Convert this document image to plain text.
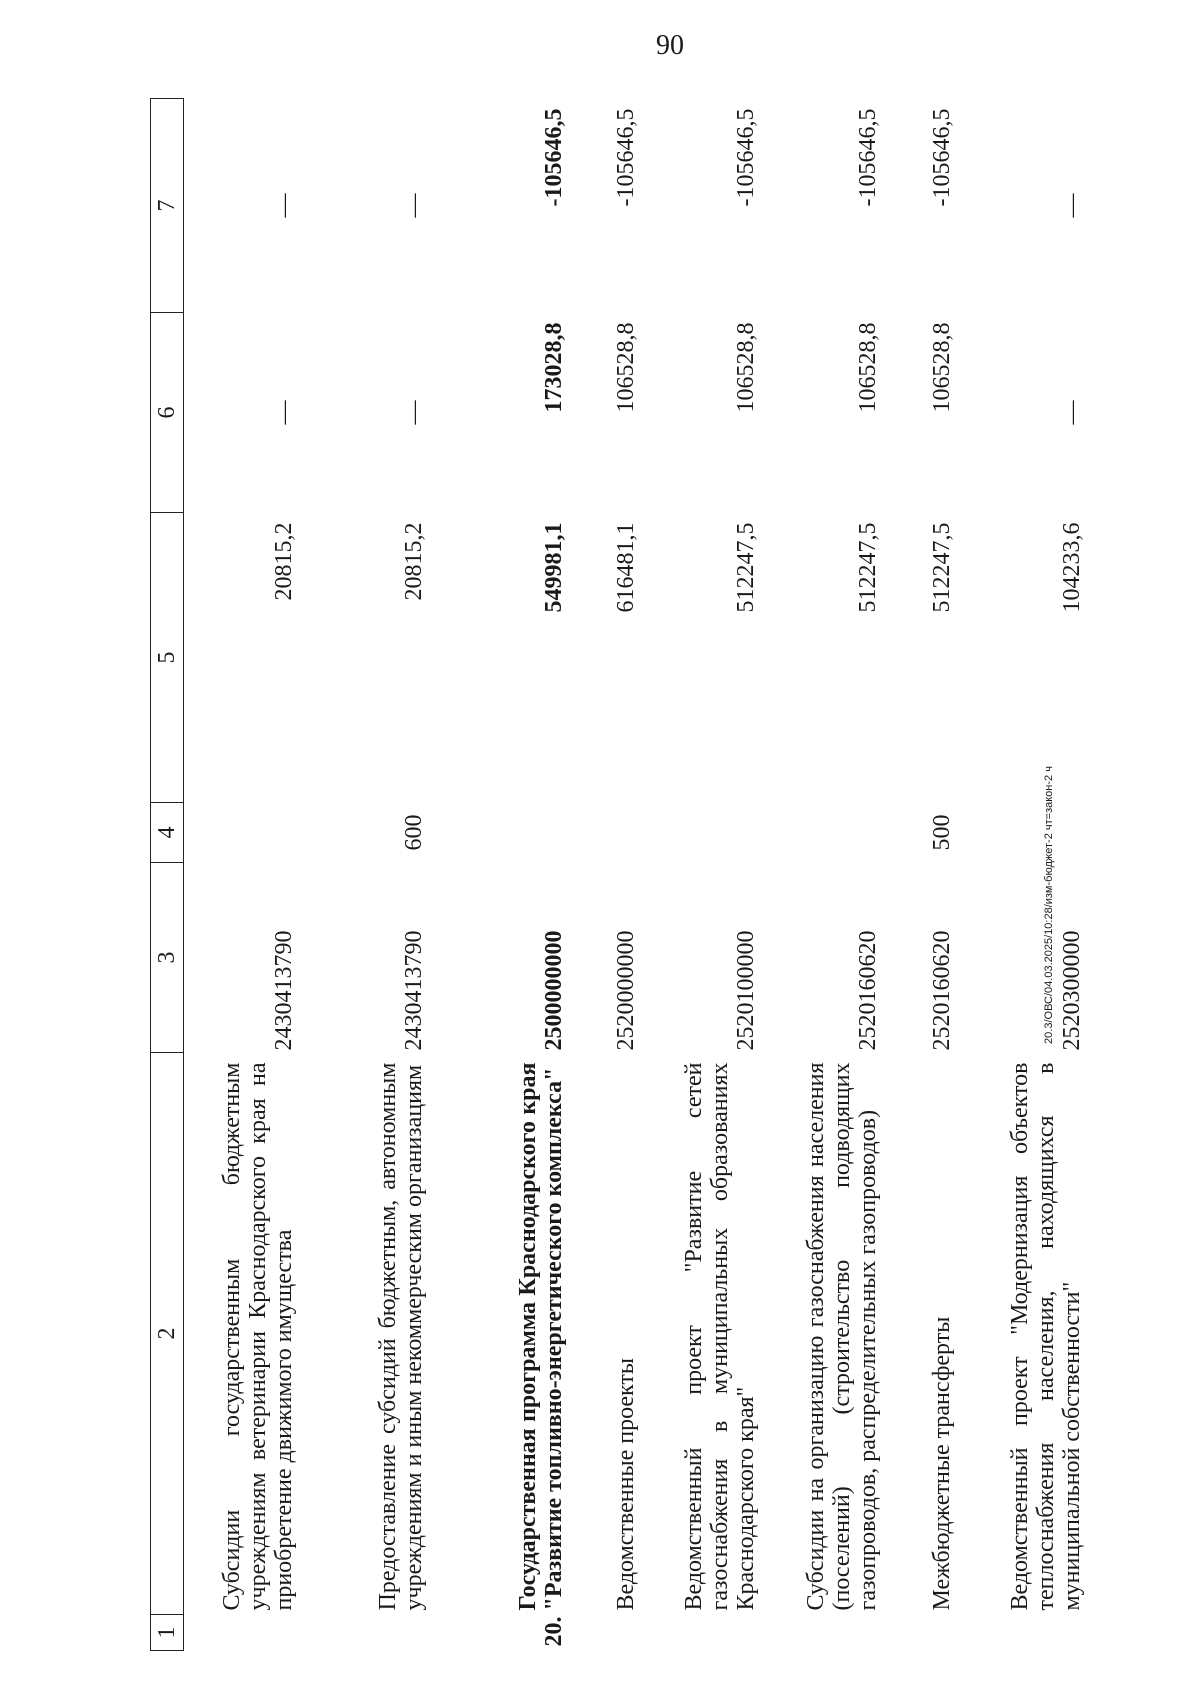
90
1	2	3	4	5	6	7
	Субсидии государственным бюджетным учреждениям ветеринарии Краснодарского края на приобретение движимого имущества	2430413790		20815,2	—	—
	Предоставление субсидий бюджетным, автономным учреждениям и иным некоммерческим организациям	2430413790	600	20815,2	—	—
20.	Государственная программа Краснодарского края "Развитие топливно-энергетического комплекса"	2500000000		549981,1	173028,8	-105646,5
	Ведомственные проекты	2520000000		616481,1	106528,8	-105646,5
	Ведомственный проект "Развитие сетей газоснабжения в муниципальных образованиях Краснодарского края"	2520100000		512247,5	106528,8	-105646,5
	Субсидии на организацию газоснабжения населения (поселений) (строительство подводящих газопроводов, распределительных газопроводов)	2520160620		512247,5	106528,8	-105646,5
	Межбюджетные трансферты	2520160620	500	512247,5	106528,8	-105646,5
	Ведомственный проект "Модернизация объектов теплоснабжения населения, находящихся в муниципальной собственности"	2520300000		104233,6	—	—
20.3/ОВС/04.03.2025/10:28/изм-бюджет-2 чт=закон-2 ч
